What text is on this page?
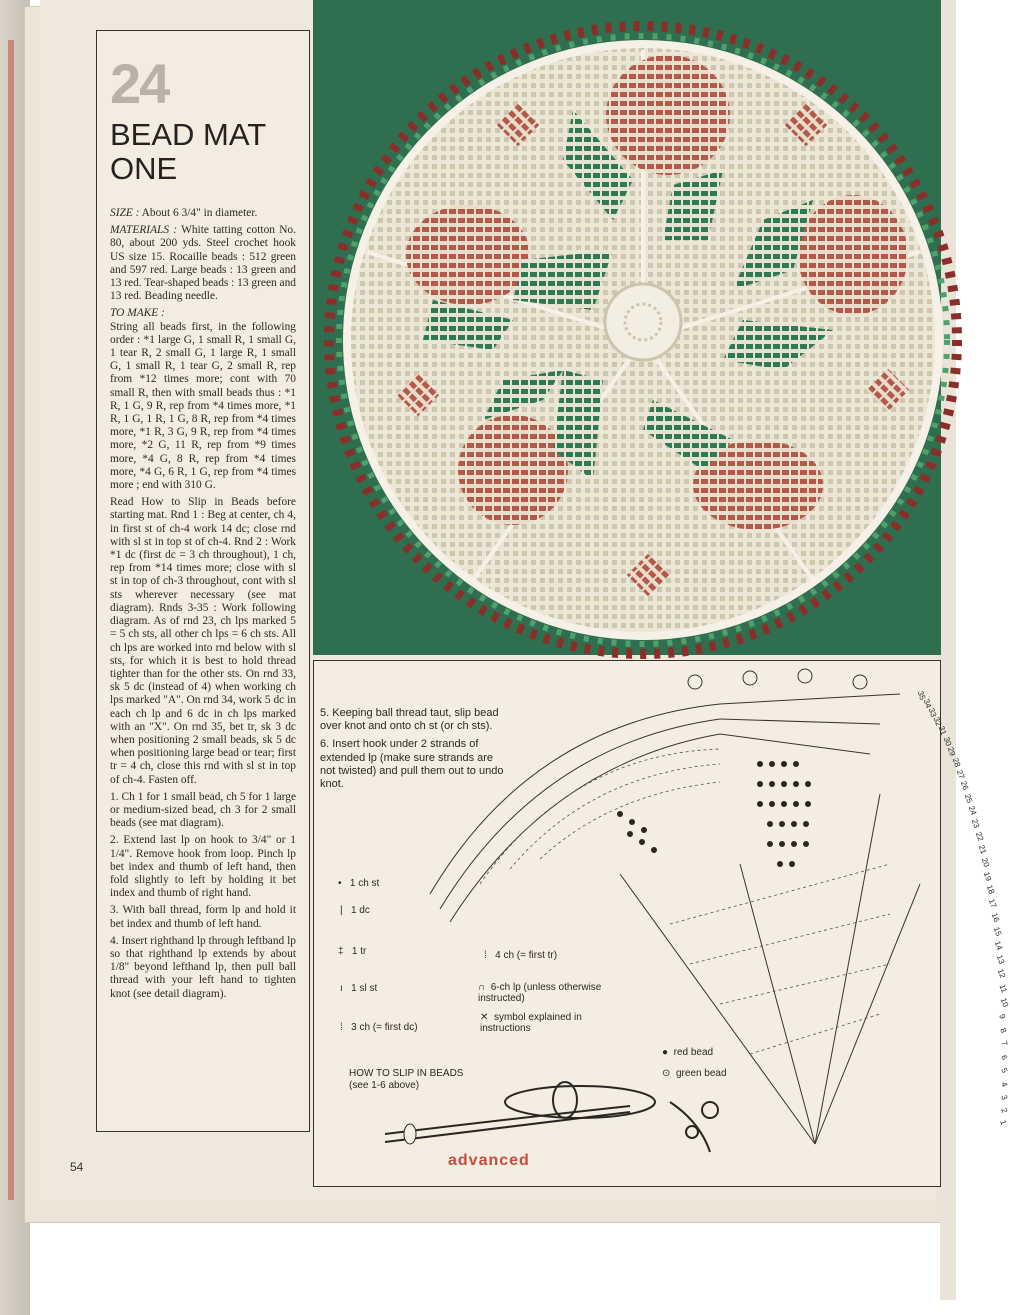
24
BEAD MAT ONE

SIZE : About 6 3/4" in diameter.

MATERIALS : White tatting cotton No. 80, about 200 yds. Steel crochet hook US size 15. Rocaille beads : 512 green and 597 red. Large beads : 13 green and 13 red. Tear-shaped beads : 13 green and 13 red. Beading needle.

TO MAKE :
String all beads first, in the following order : *1 large G, 1 small R, 1 small G, 1 tear R, 2 small G, 1 large R, 1 small G, 1 small R, 1 tear G, 2 small R, rep from *12 times more; cont with 70 small R, then with small beads thus : *1 R, 1 G, 9 R, rep from *4 times more, *1 R, 1 G, 1 R, 1 G, 8 R, rep from *4 times more, *1 R, 3 G, 9 R, rep from *4 times more, *2 G, 11 R, rep from *9 times more, *4 G, 8 R, rep from *4 times more, *4 G, 6 R, 1 G, rep from *4 times more ; end with 310 G.

Read How to Slip in Beads before starting mat. Rnd 1 : Beg at center, ch 4, in first st of ch-4 work 14 dc; close rnd with sl st in top st of ch-4. Rnd 2 : Work *1 dc (first dc = 3 ch throughout), 1 ch, rep from *14 times more; close with sl st in top of ch-3 throughout, cont with sl sts wherever necessary (see mat diagram). Rnds 3-35 : Work following diagram. As of rnd 23, ch lps marked 5 = 5 ch sts, all other ch lps = 6 ch sts. All ch lps are worked into rnd below with sl sts, for which it is best to hold thread tighter than for the other sts. On rnd 33, sk 5 dc (instead of 4) when working ch lps marked "A". On rnd 34, work 5 dc in each ch lp and 6 dc in ch lps marked with an "X". On rnd 35, bet tr, sk 3 dc when positioning 2 small beads, sk 5 dc when positioning large bead or tear; first tr = 4 ch, close this rnd with sl st in top of ch-4. Fasten off.

1. Ch 1 for 1 small bead, ch 5 for 1 large or medium-sized bead, ch 3 for 2 small beads (see mat diagram).

2. Extend last lp on hook to 3/4" or 1 1/4". Remove hook from loop. Pinch lp bet index and thumb of left hand, then fold slightly to left by holding it bet index and thumb of right hand.

3. With ball thread, form lp and hold it bet index and thumb of left hand.

4. Insert righthand lp through leftband lp so that righthand lp extends by about 1/8" beyond lefthand lp, then pull ball thread with your left hand to tighten knot (see detail diagram).

54

5. Keeping ball thread taut, slip bead over knot and onto ch st (or ch sts).

6. Insert hook under 2 strands of extended lp (make sure strands are not twisted) and pull them out to undo knot.

35
34
33
32
31
30
29
28
27
26
25
24
23
22
21
20
19
18
17
16
15
14
13
12
11
10
9
8
7
6
5
4
3
2
1
• 1 ch st
| 1 dc
‡ 1 tr
ı 1 sl st
⁞ 3 ch (= first dc)
⁞ 4 ch (= first tr)
∩ 6-ch lp (unless otherwise instructed)
✕ symbol explained in instructions
● red bead
⊙ green bead
HOW TO SLIP IN BEADS
(see 1-6 above)
advanced
